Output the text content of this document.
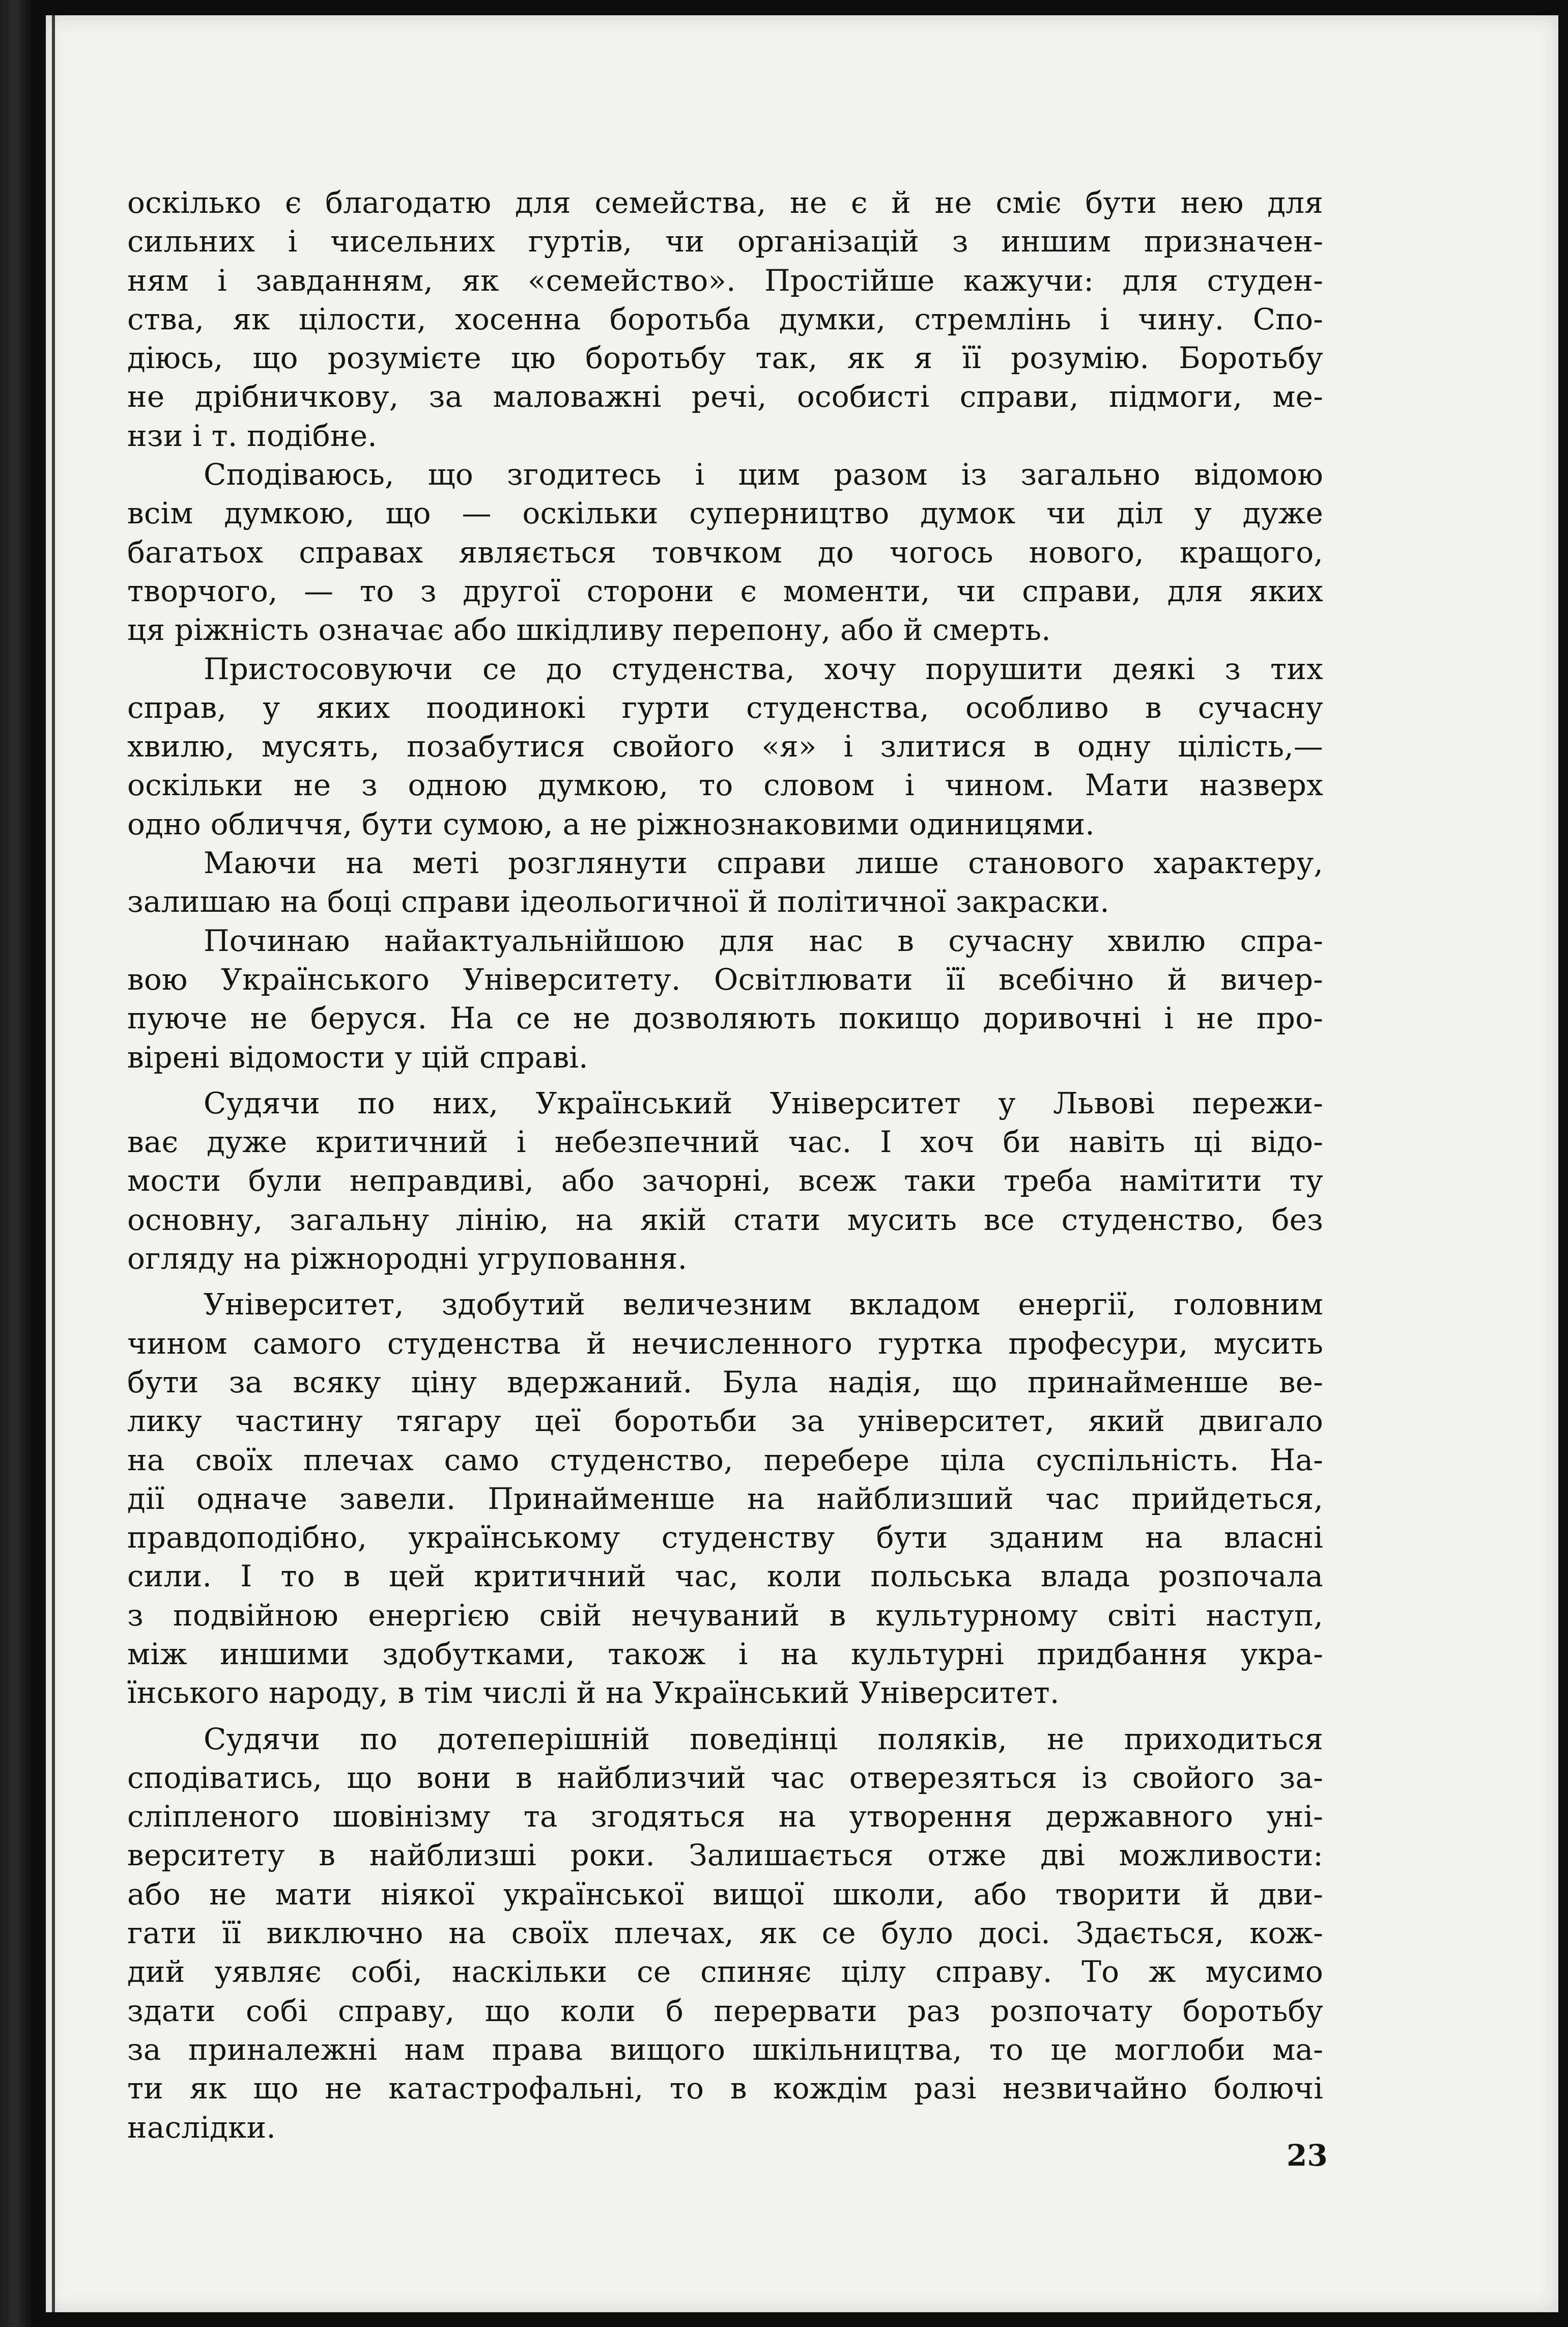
оскілько є благодатю для семейства, не є й не сміє бути нею для
сильних і чисельних гуртів, чи організацій з иншим призначен-
ням і завданням, як «семейство». Простійше кажучи: для студен-
ства, як цілости, хосенна боротьба думки, стремлінь і чину. Спо-
діюсь, що розумієте цю боротьбу так, як я її розумію. Боротьбу
не дрібничкову, за маловажні речі, особисті справи, підмоги, ме-
нзи і т. подібне.
Сподіваюсь, що згодитесь і цим разом із загально відомою
всім думкою, що — оскільки суперництво думок чи діл у дуже
багатьох справах являється товчком до чогось нового, кращого,
творчого, — то з другої сторони є моменти, чи справи, для яких
ця ріжність означає або шкідливу перепону, або й смерть.
Пристосовуючи се до студенства, хочу порушити деякі з тих
справ, у яких поодинокі гурти студенства, особливо в сучасну
хвилю, мусять, позабутися свойого «я» і злитися в одну цілість,—
оскільки не з одною думкою, то словом і чином. Мати назверх
одно обличчя, бути сумою, а не ріжнознаковими одиницями.
Маючи на меті розглянути справи лише станового характеру,
залишаю на боці справи ідеольогичної й політичної закраски.
Починаю найактуальнійшою для нас в сучасну хвилю спра-
вою Українського Університету. Освітлювати її всебічно й вичер-
пуюче не беруся. На се не дозволяють покищо доривочні і не про-
вірені відомости у цій справі.
Судячи по них, Український Університет у Львові пережи-
ває дуже критичний і небезпечний час. І хоч би навіть ці відо-
мости були неправдиві, або зачорні, всеж таки треба намітити ту
основну, загальну лінію, на якій стати мусить все студенство, без
огляду на ріжнородні угруповання.
Університет, здобутий величезним вкладом енергії, головним
чином самого студенства й нечисленного гуртка професури, мусить
бути за всяку ціну вдержаний. Була надія, що принайменше ве-
лику частину тягару цеї боротьби за університет, який двигало
на своїх плечах само студенство, перебере ціла суспільність. На-
дії одначе завели. Принайменше на найблизший час прийдеться,
правдоподібно, українському студенству бути зданим на власні
сили. І то в цей критичний час, коли польська влада розпочала
з подвійною енергією свій нечуваний в культурному світі наступ,
між иншими здобутками, також і на культурні придбання укра-
їнського народу, в тім числі й на Український Університет.
Судячи по дотеперішній поведінці поляків, не приходиться
сподіватись, що вони в найблизчий час отверезяться із свойого за-
сліпленого шовінізму та згодяться на утворення державного уні-
верситету в найблизші роки. Залишається отже дві можливости:
або не мати ніякої української вищої школи, або творити й дви-
гати її виключно на своїх плечах, як се було досі. Здається, кож-
дий уявляє собі, наскільки се спиняє цілу справу. То ж мусимо
здати собі справу, що коли б перервати раз розпочату боротьбу
за приналежні нам права вищого шкільництва, то це моглоби ма-
ти як що не катастрофальні, то в кождім разі незвичайно болючі
наслідки.
23
